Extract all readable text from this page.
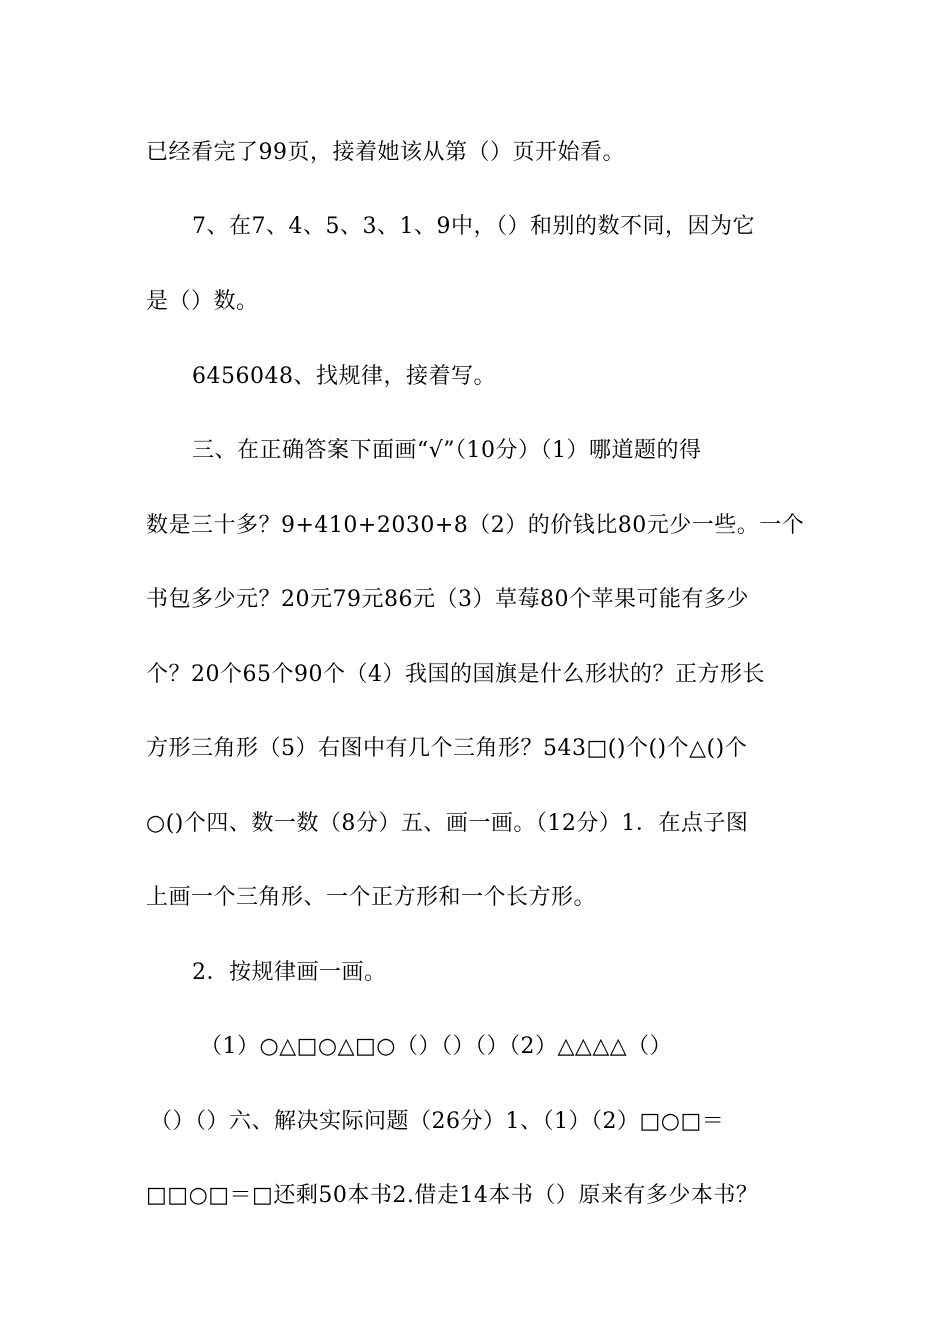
已经看完了99页，接着她该从第（）页开始看。
7、在7、4、5、3、1、9中，（）和别的数不同，因为它
是（）数。
6456048、找规律，接着写。
三、在正确答案下面画“√”（10分）（1）哪道题的得
数是三十多？9+410+2030+8（2）的价钱比80元少一些。一个
书包多少元？20元79元86元（3）草莓80个苹果可能有多少
个？20个65个90个（4）我国的国旗是什么形状的？正方形长
方形三角形（5）右图中有几个三角形？543□()个()个△()个
○()个四、数一数（8分）五、画一画。（12分）1．在点子图
上画一个三角形、一个正方形和一个长方形。
2．按规律画一画。
（1）○△□○△□○（）（）（）（2）△△△△（）
（）（）六、解决实际问题（26分）1、（1）（2）□○□＝
□□○□＝□还剩50本书2.借走14本书（）原来有多少本书？
